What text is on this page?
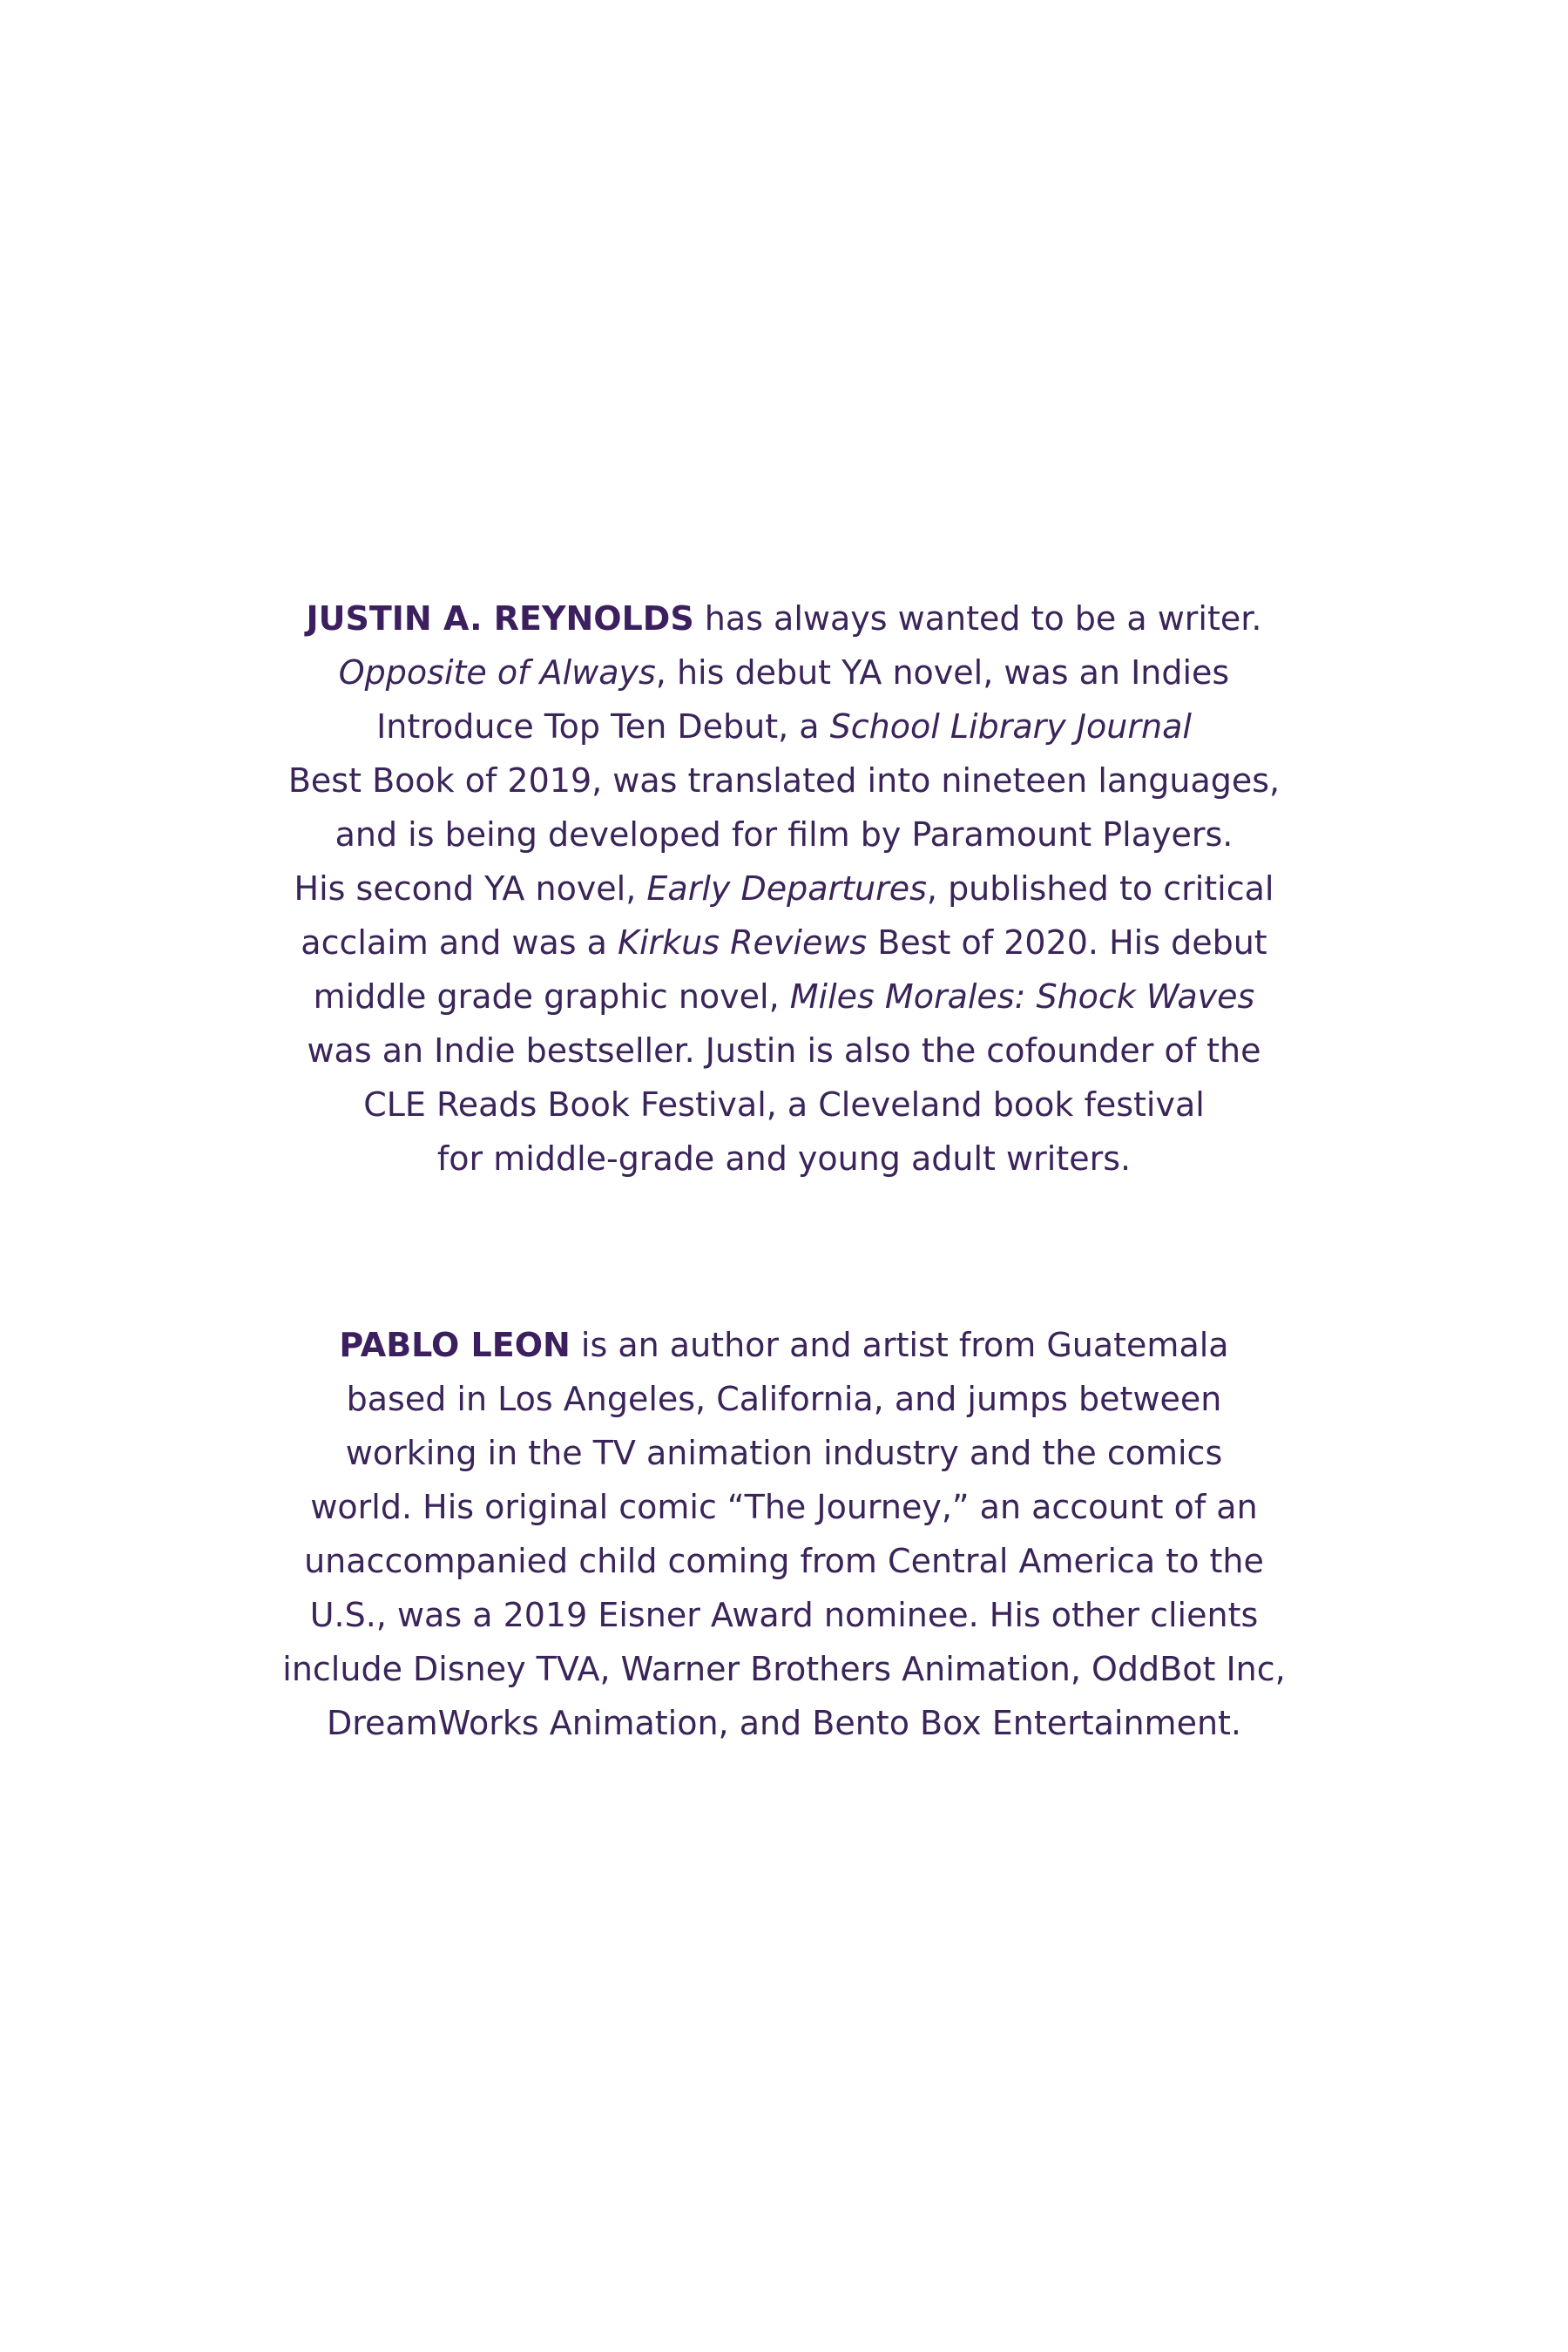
JUSTIN A. REYNOLDS has always wanted to be a writer.
Opposite of Always, his debut YA novel, was an Indies
Introduce Top Ten Debut, a School Library Journal
Best Book of 2019, was translated into nineteen languages,
and is being developed for film by Paramount Players.
His second YA novel, Early Departures, published to critical
acclaim and was a Kirkus Reviews Best of 2020. His debut
middle grade graphic novel, Miles Morales: Shock Waves
was an Indie bestseller. Justin is also the cofounder of the
CLE Reads Book Festival, a Cleveland book festival
for middle-grade and young adult writers.
PABLO LEON is an author and artist from Guatemala
based in Los Angeles, California, and jumps between
working in the TV animation industry and the comics
world. His original comic “The Journey,” an account of an
unaccompanied child coming from Central America to the
U.S., was a 2019 Eisner Award nominee. His other clients
include Disney TVA, Warner Brothers Animation, OddBot Inc,
DreamWorks Animation, and Bento Box Entertainment.
